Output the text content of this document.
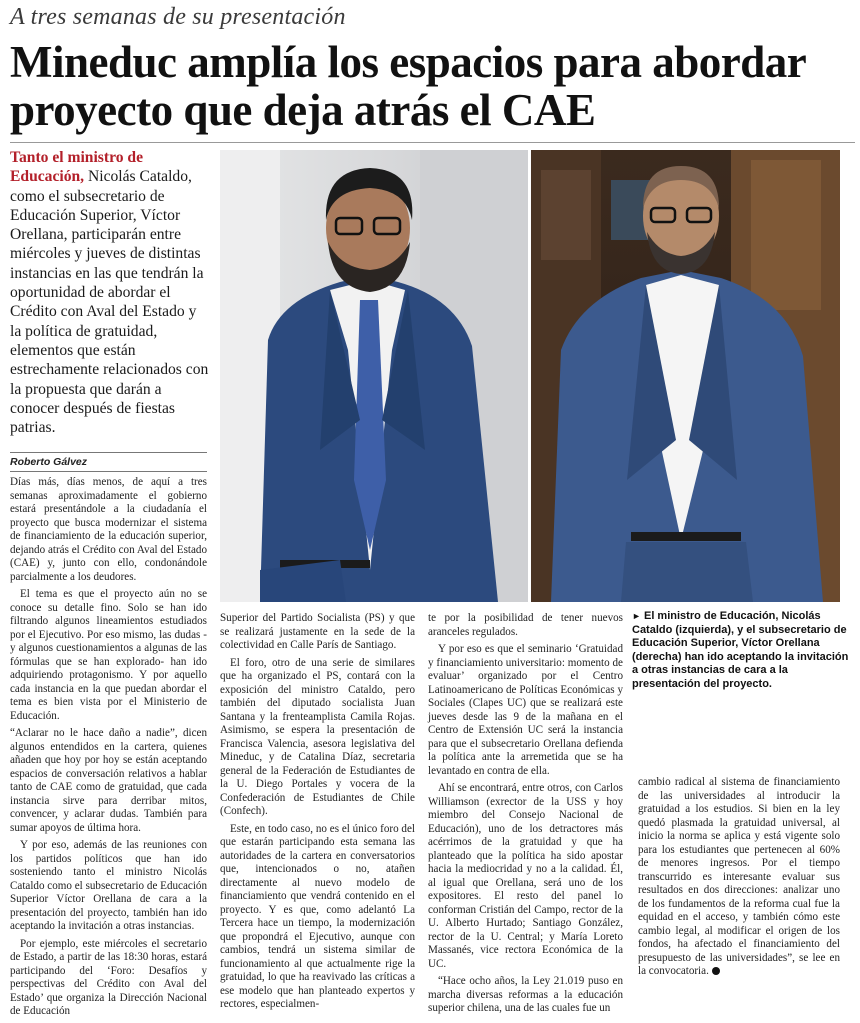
A tres semanas de su presentación
Mineduc amplía los espacios para abordar proyecto que deja atrás el CAE
Tanto el ministro de Educación, Nicolás Cataldo, como el subsecretario de Educación Superior, Víctor Orellana, participarán entre miércoles y jueves de distintas instancias en las que tendrán la oportunidad de abordar el Crédito con Aval del Estado y la política de gratuidad, elementos que están estrechamente relacionados con la propuesta que darán a conocer después de fiestas patrias.
Roberto Gálvez
► El ministro de Educación, Nicolás Cataldo (izquierda), y el subsecretario de Educación Superior, Víctor Orellana (derecha) han ido aceptando la invitación a otras instancias de cara a la presentación del proyecto.

Días más, días menos, de aquí a tres semanas aproximadamente el gobierno estará presentándole a la ciudadanía el proyecto que busca modernizar el sistema de financiamiento de la educación superior, dejando atrás el Crédito con Aval del Estado (CAE) y, junto con ello, condonándole parcialmente a los deudores.

El tema es que el proyecto aún no se conoce su detalle fino. Solo se han ido filtrando algunos lineamientos estudiados por el Ejecutivo. Por eso mismo, las dudas -y algunos cuestionamientos a algunas de las fórmulas que se han explorado- han ido adquiriendo protagonismo. Y por aquello cada instancia en la que puedan abordar el tema es bien vista por el Ministerio de Educación.

“Aclarar no le hace daño a nadie”, dicen algunos entendidos en la cartera, quienes añaden que hoy por hoy se están aceptando espacios de conversación relativos a hablar tanto de CAE como de gratuidad, que cada instancia sirve para derribar mitos, convencer, y aclarar dudas. También para sumar apoyos de última hora.

Y por eso, además de las reuniones con los partidos políticos que han ido sosteniendo tanto el ministro Nicolás Cataldo como el subsecretario de Educación Superior Víctor Orellana de cara a la presentación del proyecto, también han ido aceptando la invitación a otras instancias.

Por ejemplo, este miércoles el secretario de Estado, a partir de las 18:30 horas, estará participando del ‘Foro: Desafíos y perspectivas del Crédito con Aval del Estado’ que organiza la Dirección Nacional de Educación

Superior del Partido Socialista (PS) y que se realizará justamente en la sede de la colectividad en Calle París de Santiago.

El foro, otro de una serie de similares que ha organizado el PS, contará con la exposición del ministro Cataldo, pero también del diputado socialista Juan Santana y la frenteamplista Camila Rojas. Asimismo, se espera la presentación de Francisca Valencia, asesora legislativa del Mineduc, y de Catalina Díaz, secretaria general de la Federación de Estudiantes de la U. Diego Portales y vocera de la Confederación de Estudiantes de Chile (Confech).

Este, en todo caso, no es el único foro del que estarán participando esta semana las autoridades de la cartera en conversatorios que, intencionados o no, atañen directamente al nuevo modelo de financiamiento que vendrá contenido en el proyecto. Y es que, como adelantó La Tercera hace un tiempo, la modernización que propondrá el Ejecutivo, aunque con cambios, tendrá un sistema similar de funcionamiento al que actualmente rige la gratuidad, lo que ha reavivado las críticas a ese modelo que han planteado expertos y rectores, especialmen-

te por la posibilidad de tener nuevos aranceles regulados.

Y por eso es que el seminario ‘Gratuidad y financiamiento universitario: momento de evaluar’ organizado por el Centro Latinoamericano de Políticas Económicas y Sociales (Clapes UC) que se realizará este jueves desde las 9 de la mañana en el Centro de Extensión UC será la instancia para que el subsecretario Orellana defienda la política ante la arremetida que se ha levantado en contra de ella.

Ahí se encontrará, entre otros, con Carlos Williamson (exrector de la USS y hoy miembro del Consejo Nacional de Educación), uno de los detractores más acérrimos de la gratuidad y que ha planteado que la política ha sido apostar hacia la mediocridad y no a la calidad. Él, al igual que Orellana, será uno de los expositores. El resto del panel lo conforman Cristián del Campo, rector de la U. Alberto Hurtado; Santiago González, rector de la U. Central; y María Loreto Massanés, vice rectora Económica de la UC.

“Hace ocho años, la Ley 21.019 puso en marcha diversas reformas a la educación superior chilena, una de las cuales fue un

cambio radical al sistema de financiamiento de las universidades al introducir la gratuidad a los estudios. Si bien en la ley quedó plasmada la gratuidad universal, al inicio la norma se aplica y está vigente solo para los estudiantes que pertenecen al 60% de menores ingresos. Por el tiempo transcurrido es interesante evaluar sus resultados en dos direcciones: analizar uno de los fundamentos de la reforma cual fue la equidad en el acceso, y también cómo este cambio legal, al modificar el origen de los fondos, ha afectado el financiamiento del presupuesto de las universidades”, se lee en la convocatoria.
